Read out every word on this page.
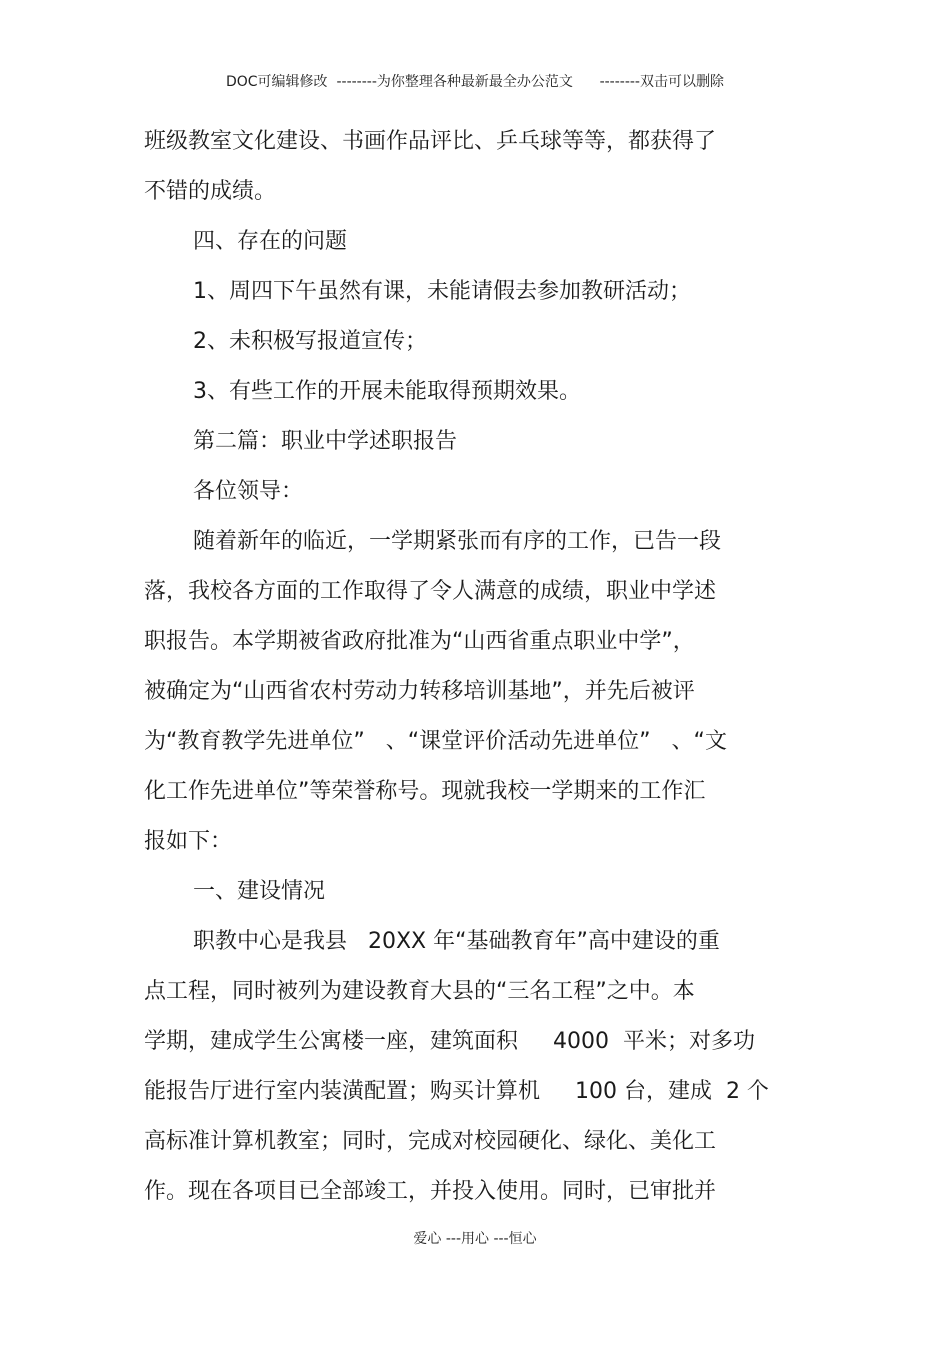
DOC可编辑修改  --------为你整理各种最新最全办公范文      --------双击可以删除
班级教室文化建设、书画作品评比、乒乓球等等，都获得了
不错的成绩。
四、存在的问题
1、周四下午虽然有课，未能请假去参加教研活动；
2、未积极写报道宣传；
3、有些工作的开展未能取得预期效果。
第二篇：职业中学述职报告
各位领导：
随着新年的临近，一学期紧张而有序的工作，已告一段
落，我校各方面的工作取得了令人满意的成绩，职业中学述
职报告。本学期被省政府批准为“山西省重点职业中学”，
被确定为“山西省农村劳动力转移培训基地”，并先后被评
为“教育教学先进单位”   、“课堂评价活动先进单位”   、“文
化工作先进单位”等荣誉称号。现就我校一学期来的工作汇
报如下：
一、建设情况
职教中心是我县   20XX 年“基础教育年”高中建设的重
点工程，同时被列为建设教育大县的“三名工程”之中。本
学期，建成学生公寓楼一座，建筑面积     4000  平米；对多功
能报告厅进行室内装潢配置；购买计算机     100 台，建成  2 个
高标准计算机教室；同时，完成对校园硬化、绿化、美化工
作。现在各项目已全部竣工，并投入使用。同时，已审批并
爱心 ---用心 ---恒心
